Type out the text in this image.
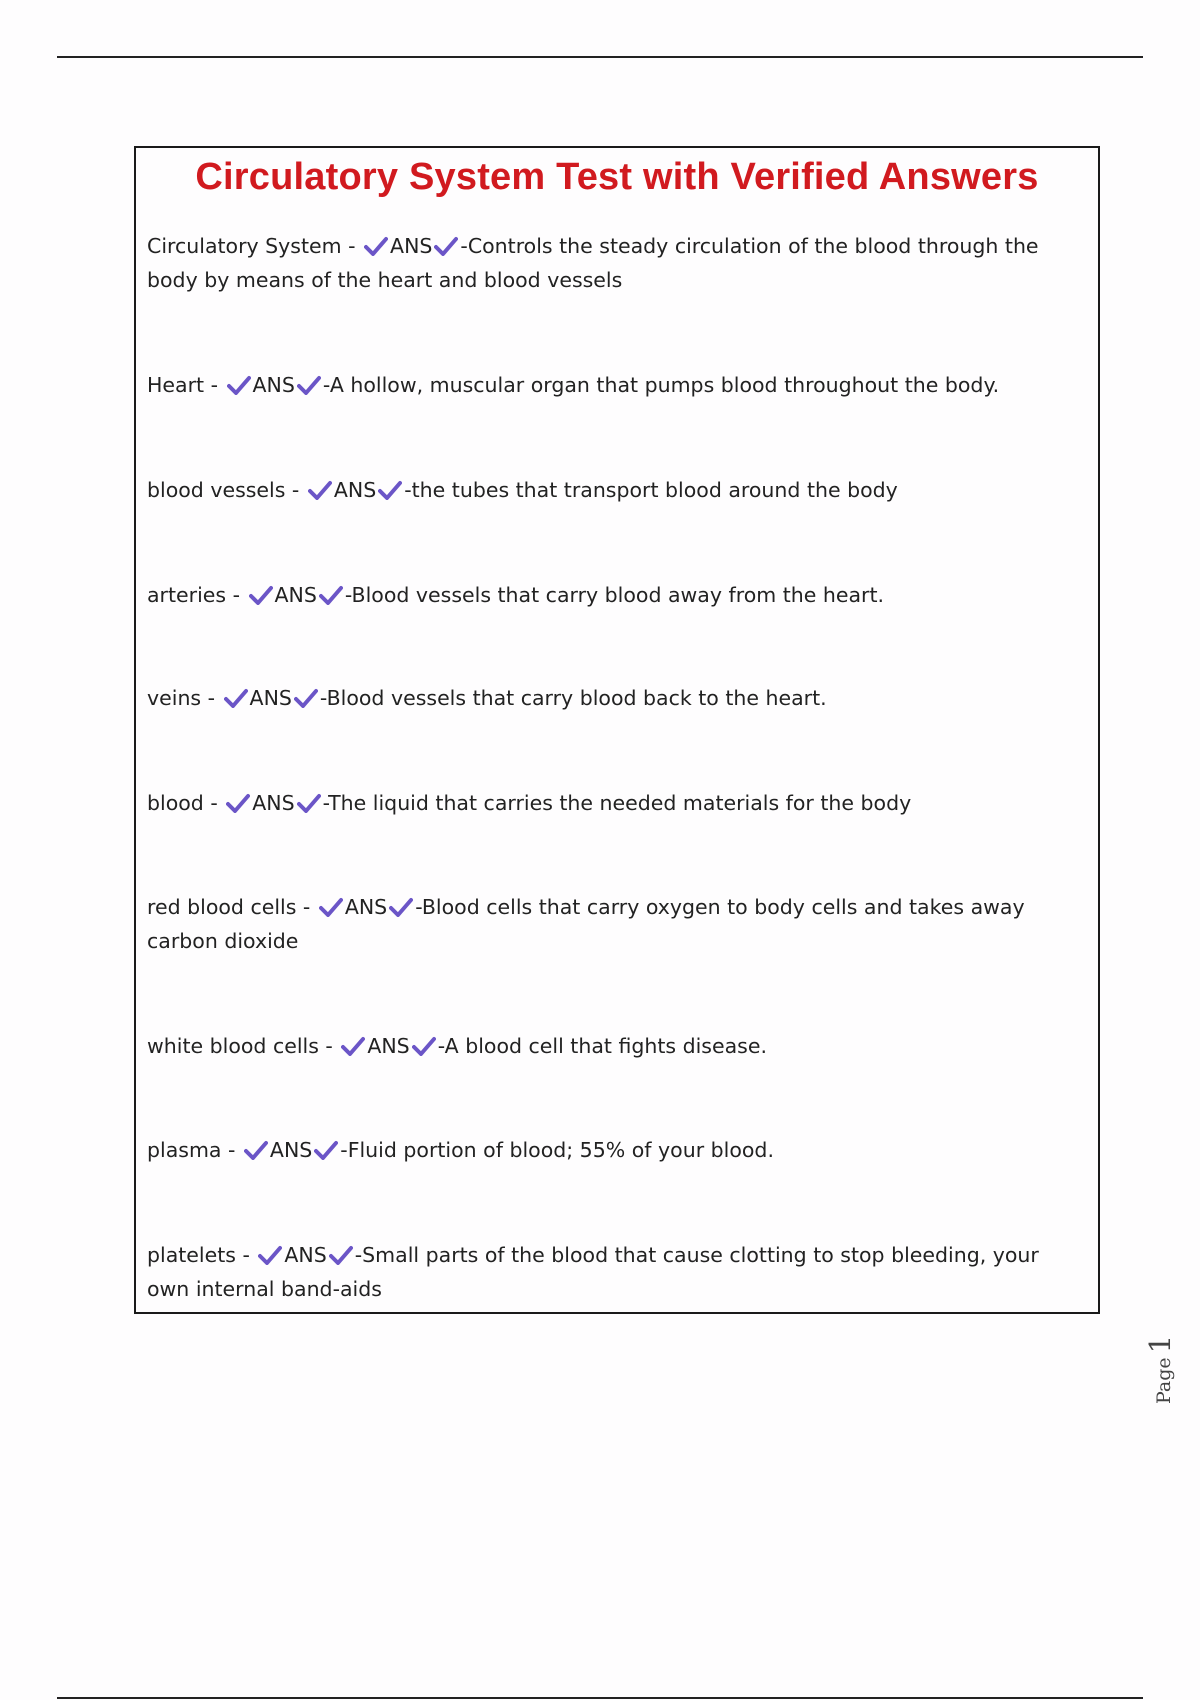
Circulatory System Test with Verified Answers
Circulatory System -
ANS -Controls the steady circulation of the blood through the body by means of the heart and blood vessels
Heart -
ANS -A hollow, muscular organ that pumps blood throughout the body.
blood vessels -
ANS -the tubes that transport blood around the body
arteries -
ANS -Blood vessels that carry blood away from the heart.
veins -
ANS -Blood vessels that carry blood back to the heart.
blood -
ANS -The liquid that carries the needed materials for the body
red blood cells -
ANS -Blood cells that carry oxygen to body cells and takes away carbon dioxide
white blood cells -
ANS -A blood cell that fights disease.
plasma -
ANS -Fluid portion of blood; 55% of your blood.
platelets -
ANS -Small parts of the blood that cause clotting to stop bleeding, your own internal band-aids
Page1
